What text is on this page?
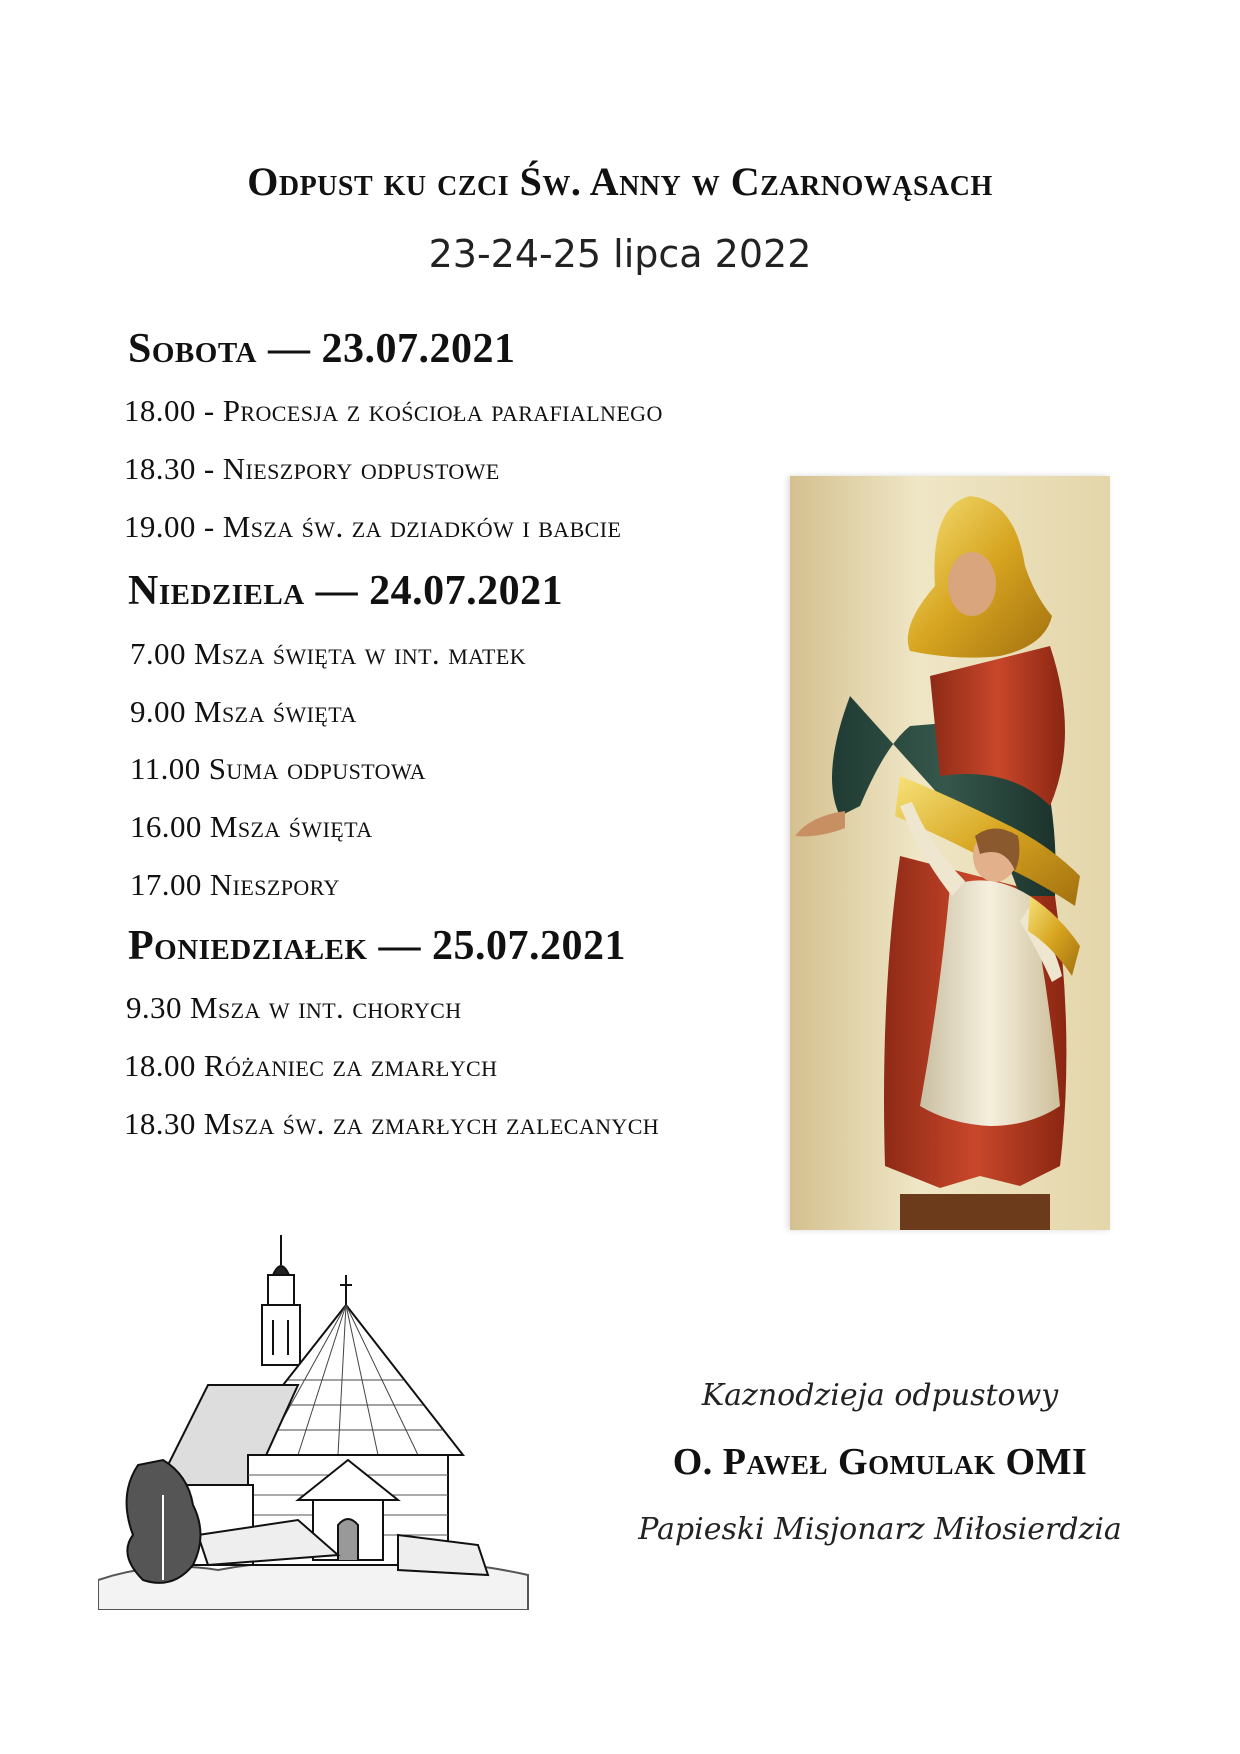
Odpust ku czci Św. Anny w Czarnowąsach
23-24-25 lipca 2022
Sobota — 23.07.2021
18.00 - Procesja z kościoła parafialnego
18.30 - Nieszpory odpustowe
19.00 - Msza św. za dziadków i babcie
Niedziela — 24.07.2021
7.00 Msza święta w int. matek
9.00 Msza święta
11.00 Suma odpustowa
16.00 Msza święta
17.00 Nieszpory
Poniedziałek — 25.07.2021
9.30 Msza w int. chorych
18.00 Różaniec za zmarłych
18.30 Msza św. za zmarłych zalecanych
Kaznodzieja odpustowy
O. Paweł Gomulak OMI
Papieski Misjonarz Miłosierdzia
